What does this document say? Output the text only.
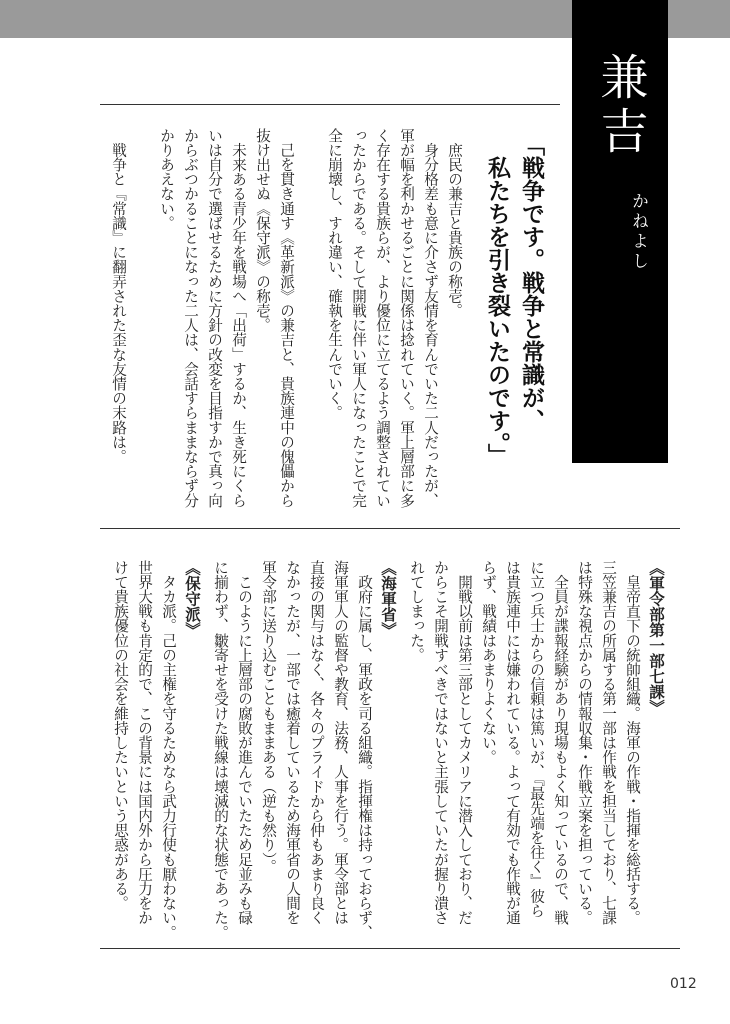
兼吉
かねよし
「戦争です。戦争と常識が、
　私たちを引き裂いたのです。」
　庶民の兼吉と貴族の称壱。
　身分格差も意に介さず友情を育んでいた二人だったが、
軍が幅を利かせるごとに関係は捻れていく。軍上層部に多
く存在する貴族らが、より優位に立てるよう調整されてい
ったからである。そして開戦に伴い軍人になったことで完
全に崩壊し、すれ違い、確執を生んでいく。
　己を貫き通す《革新派》の兼吉と、貴族連中の傀儡から
抜け出せぬ《保守派》の称壱。
　未来ある青少年を戦場へ「出荷」するか、生き死にくら
いは自分で選ばせるために方針の改変を目指すかで真っ向
からぶつかることになった二人は、会話すらままならず分
かりあえない。
　戦争と『常識』に翻弄された歪な友情の末路は。
《軍令部第一部七課》
　皇帝直下の統帥組織。海軍の作戦・指揮を総括する。
三笠兼吉の所属する第一部は作戦を担当しており、七課
は特殊な視点からの情報収集・作戦立案を担っている。
　全員が諜報経験があり現場もよく知っているので、戦
に立つ兵士からの信頼は篤いが、『最先端を往く』彼ら
は貴族連中には嫌われている。よって有効でも作戦が通
らず、戦績はあまりよくない。
　開戦以前は第三部としてカメリアに潜入しており、だ
からこそ開戦すべきではないと主張していたが握り潰さ
れてしまった。
《海軍省》
　政府に属し、軍政を司る組織。指揮権は持っておらず、
海軍軍人の監督や教育、法務、人事を行う。軍令部とは
直接の関与はなく、各々のプライドから仲もあまり良く
なかったが、一部では癒着しているため海軍省の人間を
軍令部に送り込むこともままある（逆も然り）。
　このように上層部の腐敗が進んでいたため足並みも碌
に揃わず、皺寄せを受けた戦線は壊滅的な状態であった。
《保守派》
　タカ派。己の主権を守るためなら武力行使も厭わない。
世界大戦も肯定的で、この背景には国内外から圧力をか
けて貴族優位の社会を維持したいという思惑がある。
012
